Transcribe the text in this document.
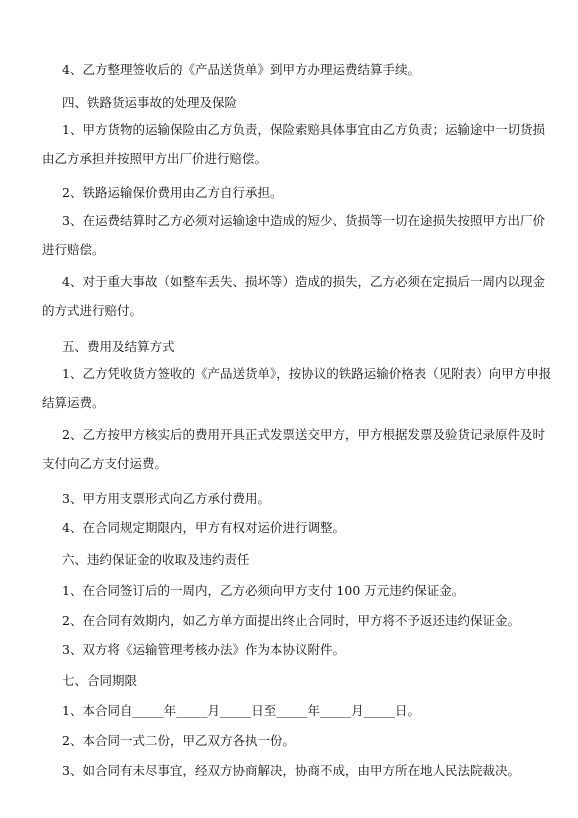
4、乙方整理签收后的《产品送货单》到甲方办理运费结算手续。

四、铁路货运事故的处理及保险

1、甲方货物的运输保险由乙方负责，保险索赔具体事宜由乙方负责；运输途中一切货损由乙方承担并按照甲方出厂价进行赔偿。

2、铁路运输保价费用由乙方自行承担。

3、在运费结算时乙方必须对运输途中造成的短少、货损等一切在途损失按照甲方出厂价进行赔偿。

4、对于重大事故（如整车丢失、损坏等）造成的损失，乙方必须在定损后一周内以现金的方式进行赔付。

五、费用及结算方式

1、乙方凭收货方签收的《产品送货单》，按协议的铁路运输价格表（见附表）向甲方申报结算运费。

2、乙方按甲方核实后的费用开具正式发票送交甲方，甲方根据发票及验货记录原件及时支付向乙方支付运费。

3、甲方用支票形式向乙方承付费用。

4、在合同规定期限内，甲方有权对运价进行调整。

六、违约保证金的收取及违约责任

1、在合同签订后的一周内，乙方必须向甲方支付 100 万元违约保证金。

2、在合同有效期内，如乙方单方面提出终止合同时，甲方将不予返还违约保证金。

3、双方将《运输管理考核办法》作为本协议附件。

七、合同期限

1、本合同自_____年_____月_____日至_____年_____月_____日。

2、本合同一式二份，甲乙双方各执一份。

3、如合同有未尽事宜，经双方协商解决，协商不成，由甲方所在地人民法院裁决。
